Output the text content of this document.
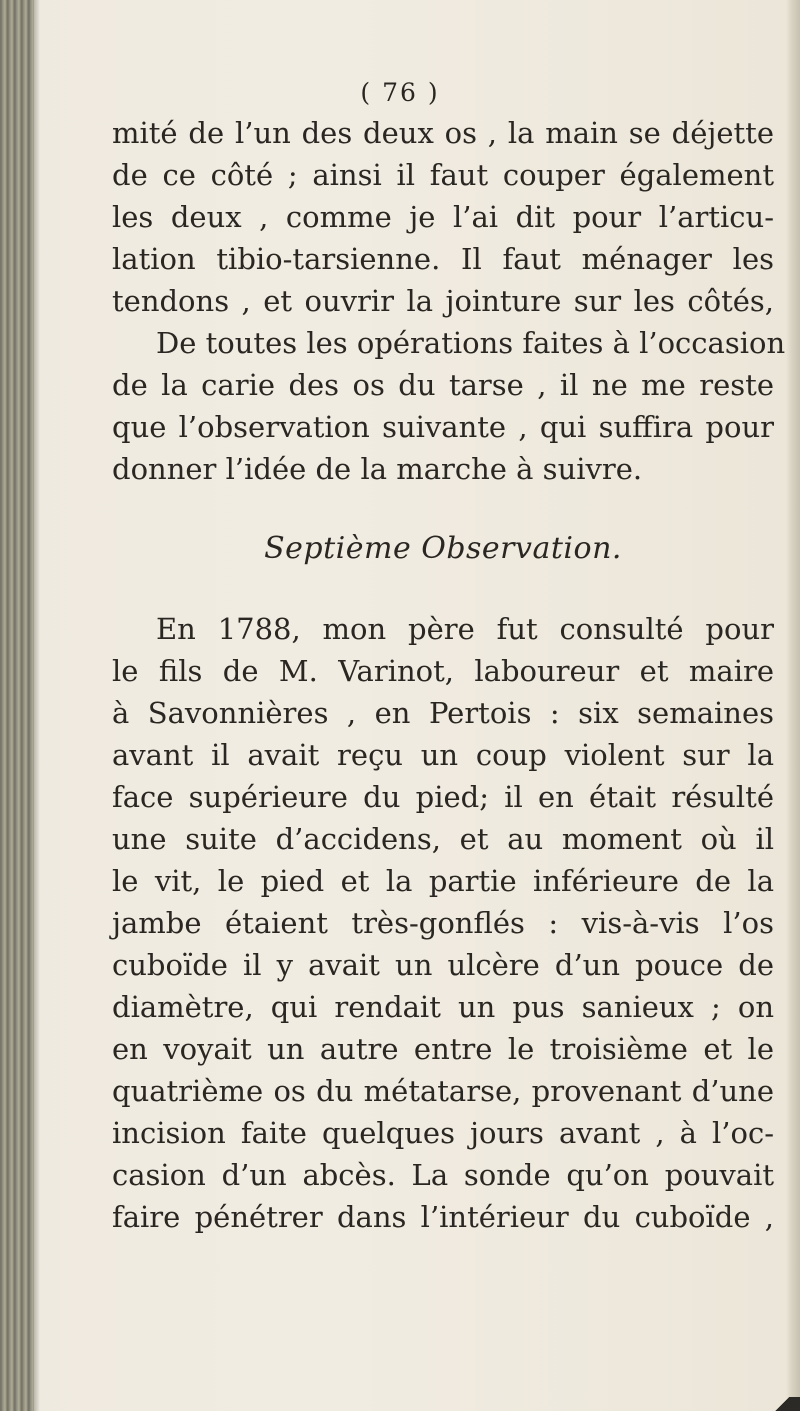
( 76 )
mité de l’un des deux os , la main se déjette
de ce côté ; ainsi il faut couper également
les deux , comme je l’ai dit pour l’articu-
lation tibio-tarsienne. Il faut ménager les
tendons , et ouvrir la jointure sur les côtés,
De toutes les opérations faites à l’occasion
de la carie des os du tarse , il ne me reste
que l’observation suivante , qui suffira pour
donner l’idée de la marche à suivre.
Septième Observation.
En 1788, mon père fut consulté pour
le fils de M. Varinot, laboureur et maire
à Savonnières , en Pertois : six semaines
avant il avait reçu un coup violent sur la
face supérieure du pied; il en était résulté
une suite d’accidens, et au moment où il
le vit, le pied et la partie inférieure de la
jambe étaient très-gonflés : vis-à-vis l’os
cuboïde il y avait un ulcère d’un pouce de
diamètre, qui rendait un pus sanieux ; on
en voyait un autre entre le troisième et le
quatrième os du métatarse, provenant d’une
incision faite quelques jours avant , à l’oc-
casion d’un abcès. La sonde qu’on pouvait
faire pénétrer dans l’intérieur du cuboïde ,
